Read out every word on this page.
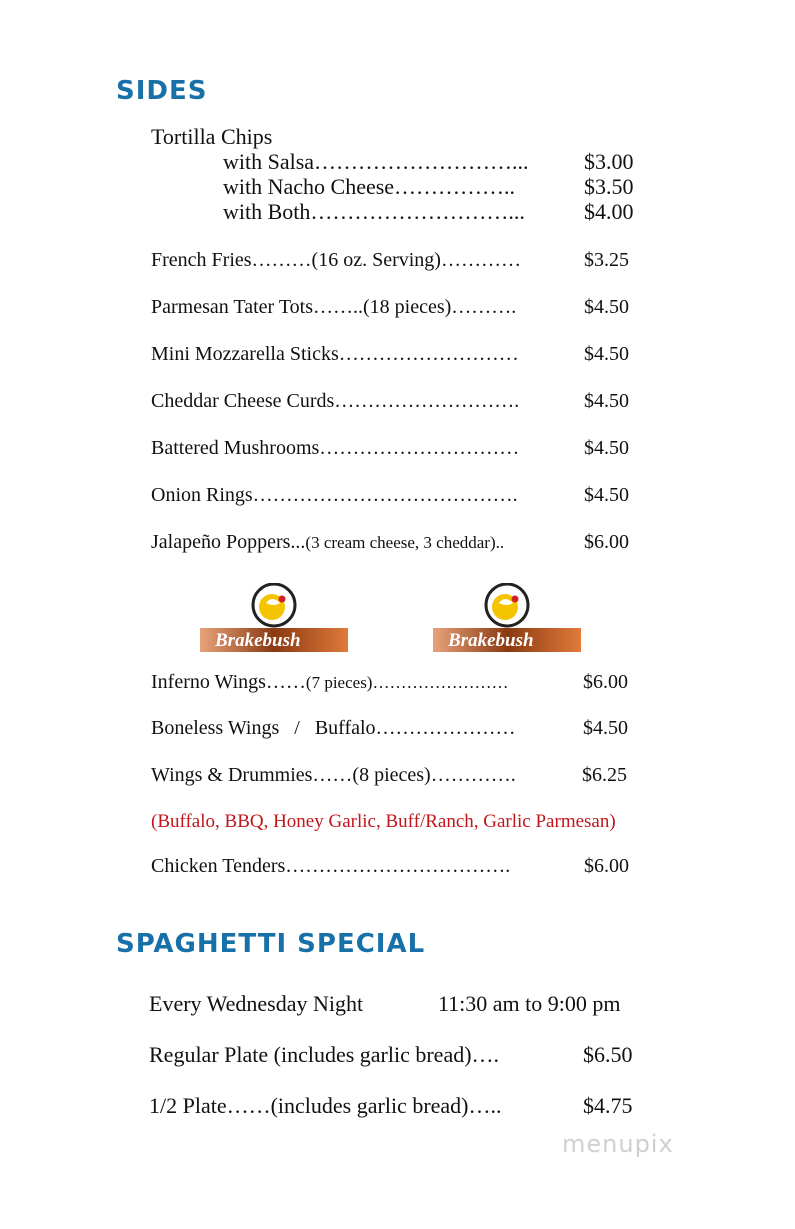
SIDES
Tortilla Chips
with Salsa………………………...	$3.00
with Nacho Cheese……………..	$3.50
with Both………………………...	$4.00
French Fries………(16 oz. Serving)…………	$3.25
Parmesan Tater Tots……..(18 pieces)……….	$4.50
Mini Mozzarella Sticks………………………	$4.50
Cheddar Cheese Curds……………………….	$4.50
Battered Mushrooms…………………………	$4.50
Onion Rings………………………………….	$4.50
Jalapeño Poppers...(3 cream cheese, 3 cheddar)..	$6.00
Brakebush	Brakebush
Inferno Wings……(7 pieces)……………………	$6.00
Boneless Wings   /   Buffalo…………………	$4.50
Wings & Drummies……(8 pieces)………….	$6.25
(Buffalo, BBQ, Honey Garlic, Buff/Ranch, Garlic Parmesan)
Chicken Tenders…………………………….	$6.00
SPAGHETTI SPECIAL
Every Wednesday Night	11:30 am to 9:00 pm
Regular Plate (includes garlic bread)….	$6.50
1/2 Plate……(includes garlic bread)…..	$4.75
menupix
